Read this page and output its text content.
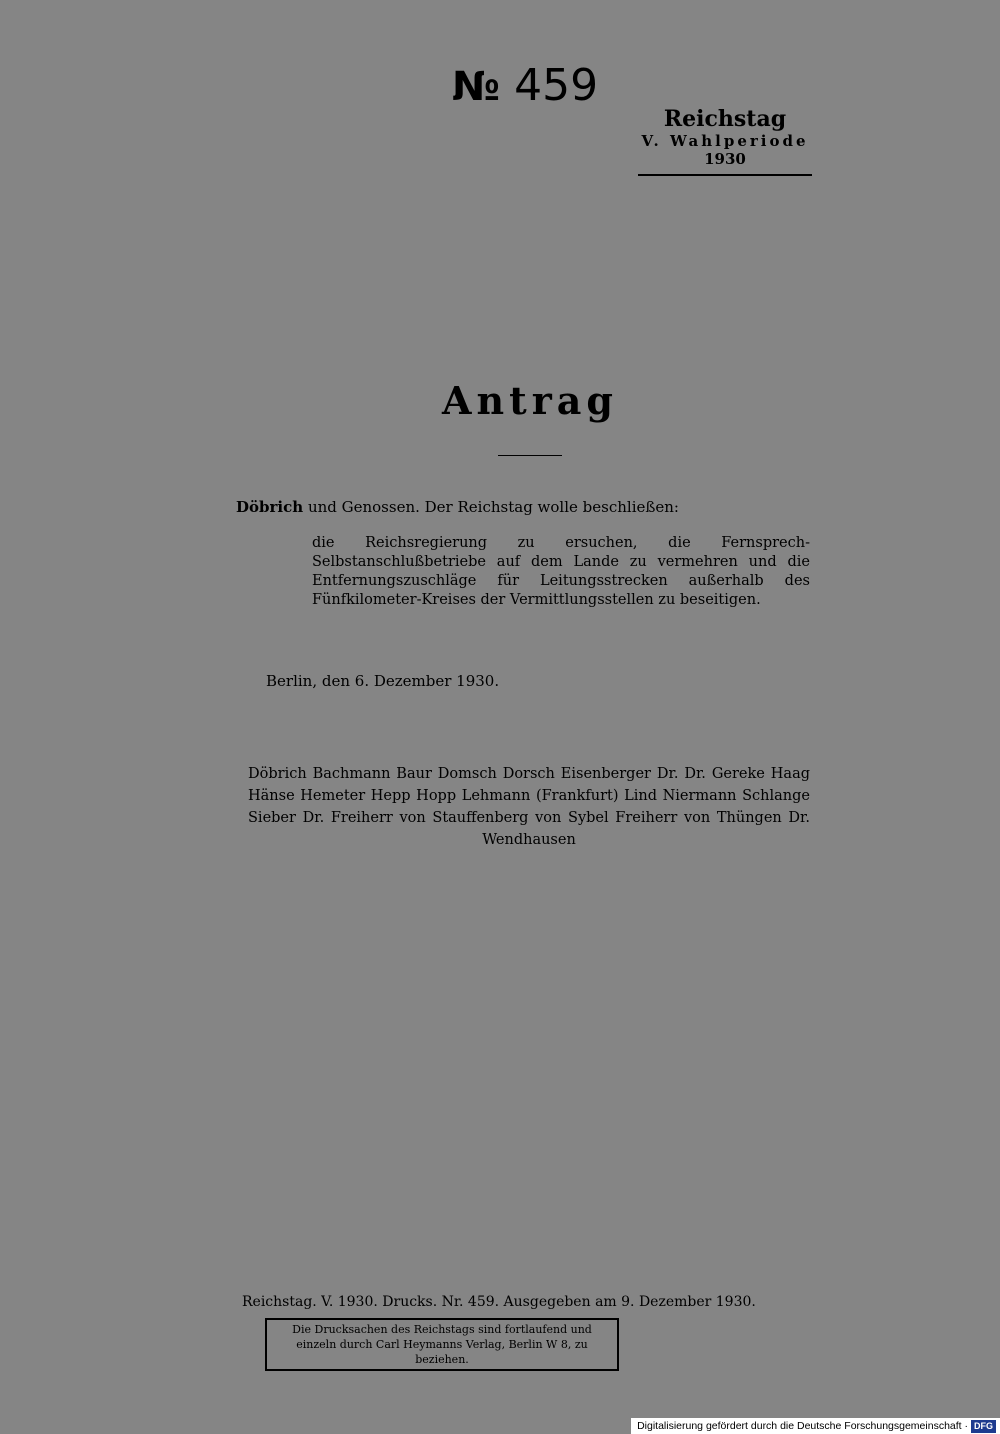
№ 459
Reichstag
V. Wahlperiode
1930
Antrag
Döbrich und Genossen. Der Reichstag wolle beschließen:
die Reichsregierung zu ersuchen, die Fernsprech-Selbstanschlußbetriebe auf dem Lande zu vermehren und die Entfernungszuschläge für Leitungsstrecken außerhalb des Fünfkilometer-Kreises der Vermittlungsstellen zu beseitigen.
Berlin, den 6. Dezember 1930.
Döbrich Bachmann Baur Domsch Dorsch Eisenberger Dr. Dr. Gereke Haag Hänse Hemeter Hepp Hopp Lehmann (Frankfurt) Lind Niermann Schlange Sieber Dr. Freiherr von Stauffenberg von Sybel Freiherr von Thüngen Dr. Wendhausen
Reichstag. V. 1930. Drucks. Nr. 459. Ausgegeben am 9. Dezember 1930.
Die Drucksachen des Reichstags sind fortlaufend und einzeln durch Carl Heymanns Verlag, Berlin W 8, zu beziehen.
Digitalisierung gefördert durch die Deutsche Forschungsgemeinschaft · DFG
